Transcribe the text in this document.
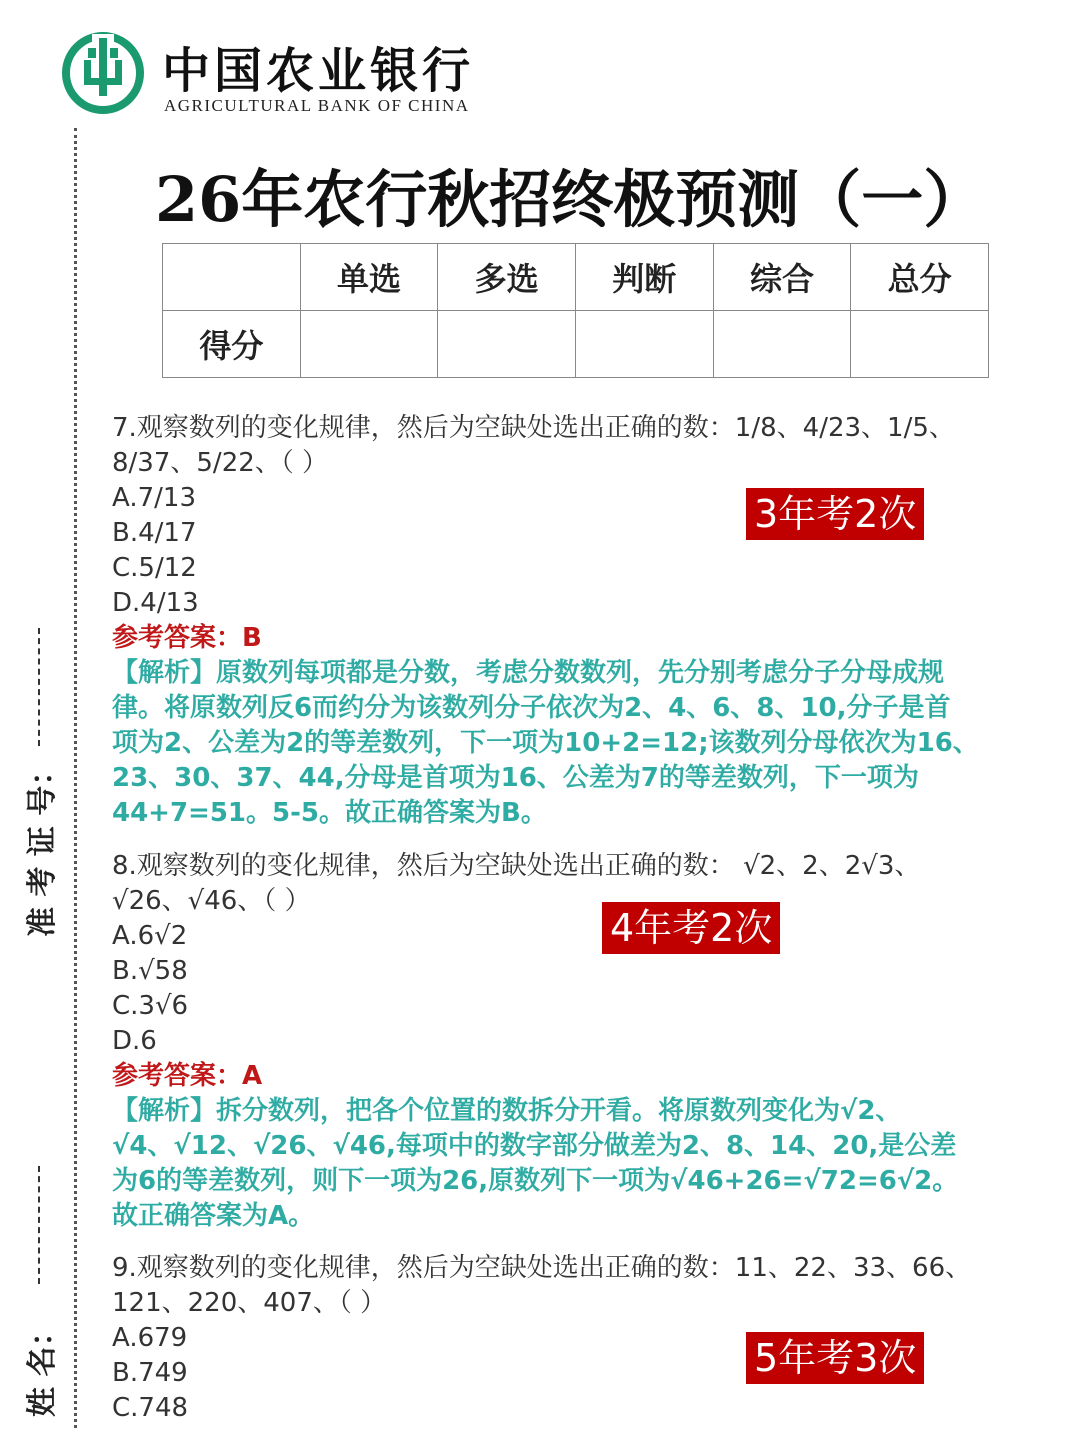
准 考 证 号：
姓 名：
中国农业银行
AGRICULTURAL BANK OF CHINA
26年农行秋招终极预测（一）
	单选	多选	判断	综合	总分
得分					

7.观察数列的变化规律，然后为空缺处选出正确的数：1/8、4/23、1/5、

8/37、5/22、（ ）

A.7/13

B.4/17

C.5/12

D.4/13

参考答案：B

【解析】原数列每项都是分数，考虑分数数列，先分别考虑分子分母成规

律。将原数列反6而约分为该数列分子依次为2、4、6、8、10,分子是首

项为2、公差为2的等差数列，下一项为10+2=12;该数列分母依次为16、

23、30、37、44,分母是首项为16、公差为7的等差数列，下一项为

44+7=51。5-5。故正确答案为B。

3年考2次

8.观察数列的变化规律，然后为空缺处选出正确的数： √2、2、2√3、

√26、√46、（ ）

A.6√2

B.√58

C.3√6

D.6

参考答案：A

【解析】拆分数列，把各个位置的数拆分开看。将原数列变化为√2、

√4、√12、√26、√46,每项中的数字部分做差为2、8、14、20,是公差

为6的等差数列，则下一项为26,原数列下一项为√46+26=√72=6√2。

故正确答案为A。

4年考2次

9.观察数列的变化规律，然后为空缺处选出正确的数：11、22、33、66、

121、220、407、（ ）

A.679

B.749

C.748

5年考3次
